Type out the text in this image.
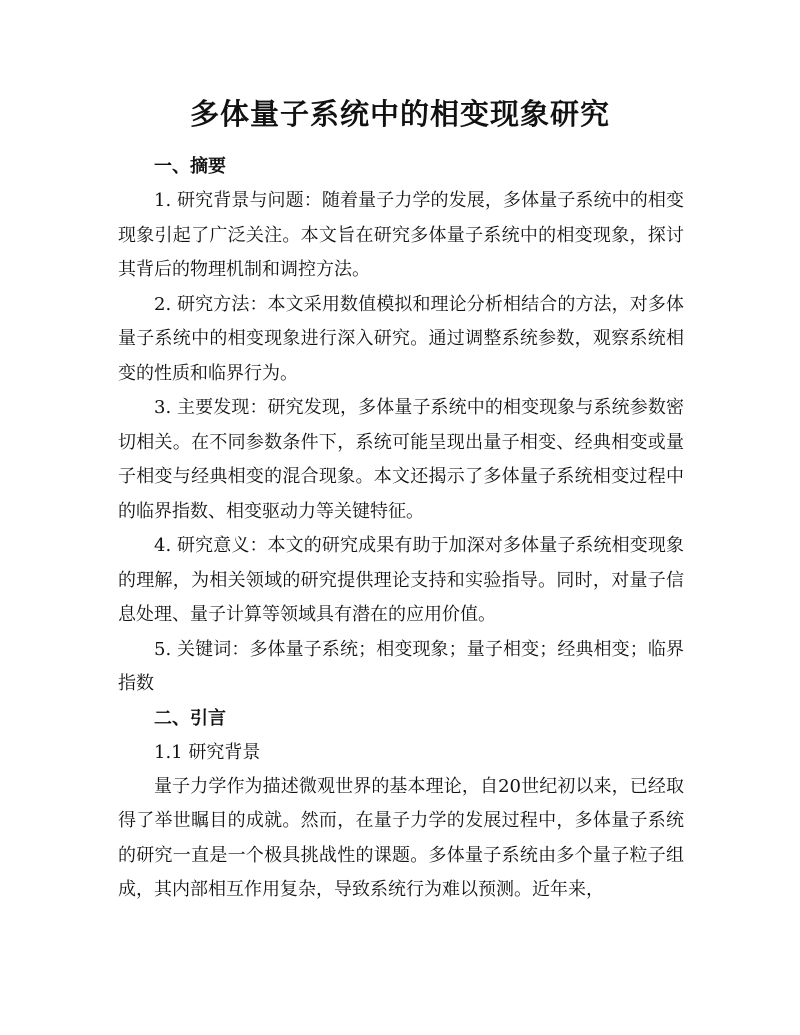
多体量子系统中的相变现象研究

一、摘要

1. 研究背景与问题：随着量子力学的发展，多体量子系统中的相变现象引起了广泛关注。本文旨在研究多体量子系统中的相变现象，探讨其背后的物理机制和调控方法。

2. 研究方法：本文采用数值模拟和理论分析相结合的方法，对多体量子系统中的相变现象进行深入研究。通过调整系统参数，观察系统相变的性质和临界行为。

3. 主要发现：研究发现，多体量子系统中的相变现象与系统参数密切相关。在不同参数条件下，系统可能呈现出量子相变、经典相变或量子相变与经典相变的混合现象。本文还揭示了多体量子系统相变过程中的临界指数、相变驱动力等关键特征。

4. 研究意义：本文的研究成果有助于加深对多体量子系统相变现象的理解，为相关领域的研究提供理论支持和实验指导。同时，对量子信息处理、量子计算等领域具有潜在的应用价值。

5. 关键词：多体量子系统；相变现象；量子相变；经典相变；临界指数

二、引言

1.1 研究背景

量子力学作为描述微观世界的基本理论，自20世纪初以来，已经取得了举世瞩目的成就。然而，在量子力学的发展过程中，多体量子系统的研究一直是一个极具挑战性的课题。多体量子系统由多个量子粒子组成，其内部相互作用复杂，导致系统行为难以预测。近年来，
